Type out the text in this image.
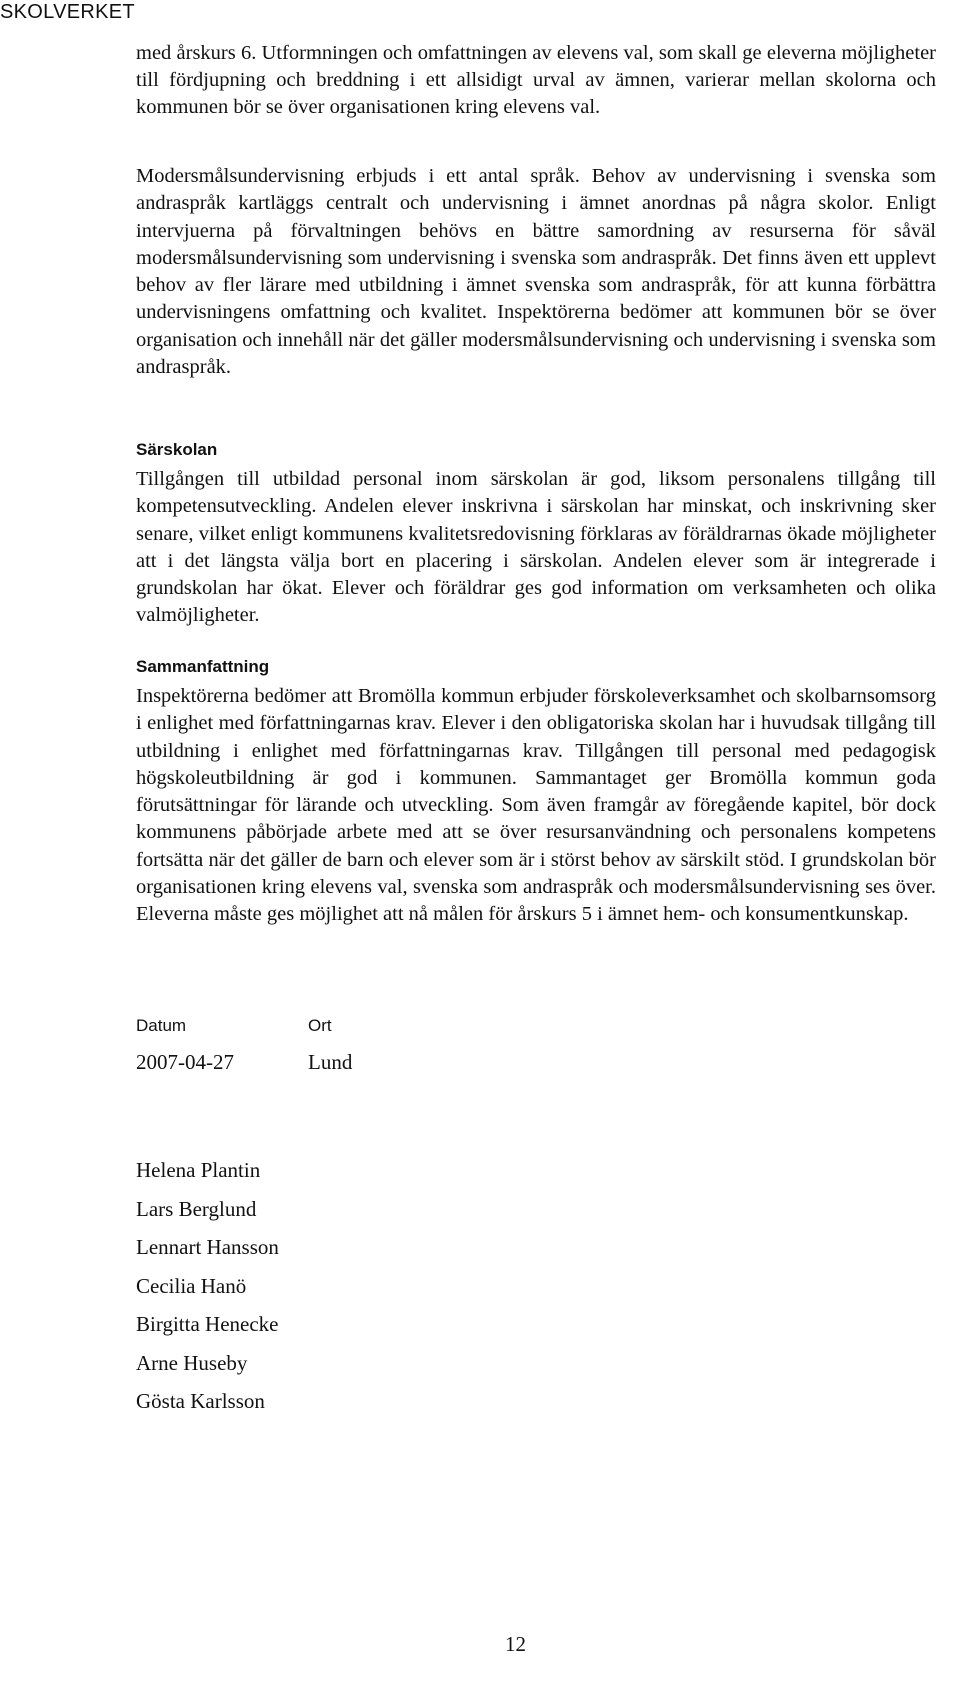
SKOLVERKET

med årskurs 6. Utformningen och omfattningen av elevens val, som skall ge eleverna möjligheter till fördjupning och breddning i ett allsidigt urval av ämnen, varierar mellan skolorna och kommunen bör se över organisationen kring elevens val.

Modersmålsundervisning erbjuds i ett antal språk. Behov av undervisning i svenska som andraspråk kartläggs centralt och undervisning i ämnet anordnas på några skolor. Enligt intervjuerna på förvaltningen behövs en bättre samordning av resurserna för såväl modersmålsundervisning som undervisning i svenska som andraspråk. Det finns även ett upplevt behov av fler lärare med utbildning i ämnet svenska som andraspråk, för att kunna förbättra undervisningens omfattning och kvalitet. Inspektörerna bedömer att kommunen bör se över organisation och innehåll när det gäller modersmålsundervisning och undervisning i svenska som andraspråk.

Särskolan

Tillgången till utbildad personal inom särskolan är god, liksom personalens tillgång till kompetensutveckling. Andelen elever inskrivna i särskolan har minskat, och inskrivning sker senare, vilket enligt kommunens kvalitetsredovisning förklaras av föräldrarnas ökade möjligheter att i det längsta välja bort en placering i särskolan. Andelen elever som är integrerade i grundskolan har ökat. Elever och föräldrar ges god information om verksamheten och olika valmöjligheter.

Sammanfattning

Inspektörerna bedömer att Bromölla kommun erbjuder förskoleverksamhet och skolbarnsomsorg i enlighet med författningarnas krav. Elever i den obligatoriska skolan har i huvudsak tillgång till utbildning i enlighet med författningarnas krav. Tillgången till personal med pedagogisk högskoleutbildning är god i kommunen. Sammantaget ger Bromölla kommun goda förutsättningar för lärande och utveckling. Som även framgår av föregående kapitel, bör dock kommunens påbörjade arbete med att se över resursanvändning och personalens kompetens fortsätta när det gäller de barn och elever som är i störst behov av särskilt stöd. I grundskolan bör organisationen kring elevens val, svenska som andraspråk och modersmålsundervisning ses över. Eleverna måste ges möjlighet att nå målen för årskurs 5 i ämnet hem- och konsumentkunskap.

Datum	Ort
2007-04-27	Lund
Helena Plantin
Lars Berglund
Lennart Hansson
Cecilia Hanö
Birgitta Henecke
Arne Huseby
Gösta Karlsson
12
